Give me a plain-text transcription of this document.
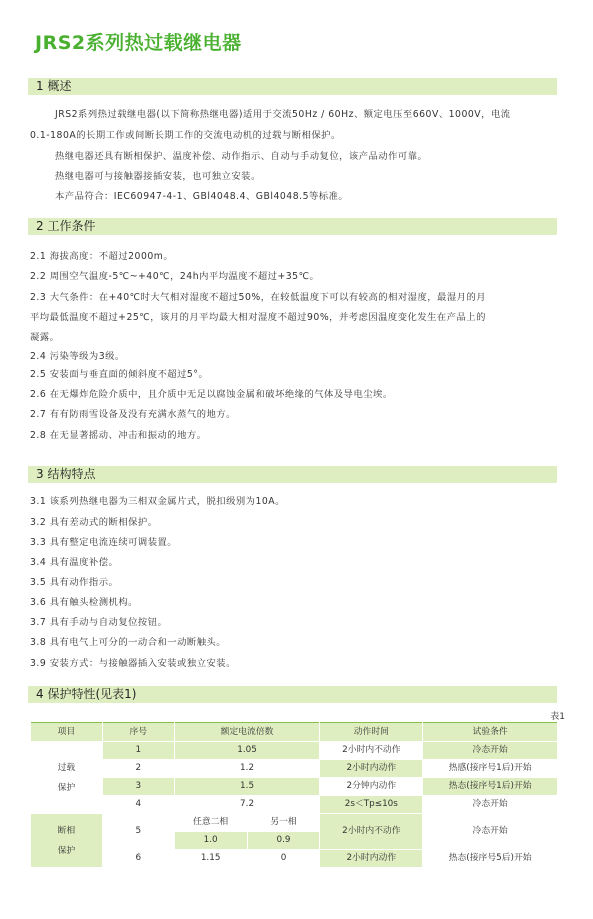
JRS2系列热过载继电器
1 概述
JRS2系列热过载继电器(以下简称热继电器)适用于交流50Hz / 60Hz、额定电压至660V、1000V，电流
0.1-180A的长期工作或间断长期工作的交流电动机的过载与断相保护。
热继电器还具有断相保护、温度补偿、动作指示、自动与手动复位，该产品动作可靠。
热继电器可与接触器接插安装，也可独立安装。
本产品符合：IEC60947-4-1、GBl4048.4、GBl4048.5等标准。
2 工作条件
2.1 海拔高度：不超过2000m。
2.2 周围空气温度-5℃~+40℃，24h内平均温度不超过+35℃。
2.3 大气条件：在+40℃时大气相对湿度不超过50%，在较低温度下可以有较高的相对湿度，最湿月的月
平均最低温度不超过+25℃，该月的月平均最大相对湿度不超过90%，并考虑因温度变化发生在产品上的
凝露。
2.4 污染等级为3级。
2.5 安装面与垂直面的倾斜度不超过5°。
2.6 在无爆炸危险介质中，且介质中无足以腐蚀金属和破坏绝缘的气体及导电尘埃。
2.7 有有防雨雪设备及没有充满水蒸气的地方。
2.8 在无显著摇动、冲击和振动的地方。
3 结构特点
3.1 该系列热继电器为三相双金属片式，脱扣级别为10A。
3.2 具有差动式的断相保护。
3.3 具有整定电流连续可调装置。
3.4 具有温度补偿。
3.5 具有动作指示。
3.6 具有触头检测机构。
3.7 具有手动与自动复位按钮。
3.8 具有电气上可分的一动合和一动断触头。
3.9 安装方式：与接触器插入安装或独立安装。
4 保护特性(见表1)
表1
项目	序号	额定电流倍数		动作时间	试验条件
过载
保护	1	1.05		2小时内不动作	冷态开始
	2	1.2		2小时内动作	热感(接序号1后)开始
	3	1.5		2分钟内动作	热态(接序号1后)开始
	4	7.2		2s＜Tp≤10s	冷态开始
断相
保护	5	任意二相	另一相	2小时内不动作	冷态开始
		1.0	0.9		
	6	1.15	0	2小时内动作	热态(接序号5后)开始
